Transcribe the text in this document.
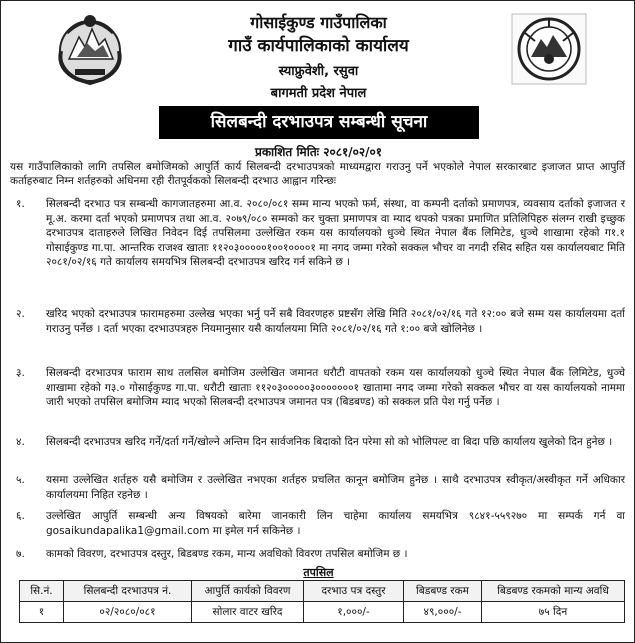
गोसाईकुण्ड गाउँपालिका
गाउँ कार्यपालिकाको कार्यालय
स्याफ्रुवेशी, रसुवा
बागमती प्रदेश नेपाल
सिलबन्दी दरभाउपत्र सम्बन्धी सूचना
प्रकाशित मितिः २०८१/०२/०१
यस गाउँपालिकाको लागि तपसिल बमोजिमको आपुर्ति कार्य सिलबन्दी दरभाउपत्रको माध्यमद्वारा गराउनु पर्ने भएकोले नेपाल सरकारबाट इजाजत प्राप्त आपुर्ति कर्ताहरुबाट निम्न शर्तहरुको अधिनमा रही रीतपूर्वकको सिलबन्दी दरभाउ आह्वान गरिन्छः
१.	सिलबन्दी दरभाउ पत्र सम्बन्धी कागजातहरुमा आ.व. २०८०/०८१ सम्म मान्य भएको फर्म, संस्था, वा कम्पनी दर्ताको प्रमाणपत्र, व्यवसाय दर्ताको इजाजत र मू.अ. करमा दर्ता भएको प्रमाणपत्र तथा आ.व. २०७९/०८० सम्मको कर चुक्ता प्रमाणपत्र वा म्याद थपको पत्रका प्रमाणित प्रतिलिपिहरु संलग्न राखी इच्छुक दरभाउपत्र दाताहरुले लिखित निवेदन दिई तपसिलमा उल्लेखित रकम यस कार्यालयको धुञ्चे स्थित नेपाल बैंक लिमिटेड, धुञ्चे शाखामा रहेको ग१.१ गोसाईकुण्ड गा.पा. आन्तरिक राजश्व खाताः ११२०३०००००१००१००००१ मा नगद जम्मा गरेको सक्कल भौचर वा नगदी रसिद सहित यस कार्यालयबाट मिति २०८१/०२/१६ गते कार्यालय समयभित्र सिलबन्दी दरभाउपत्र खरिद गर्न सकिने छ ।
२.	खरिद भएको दरभाउपत्र फारामहरुमा उल्लेख भएका भर्नु पर्ने सबै विवरणहरु प्रष्टसँग लेखि मिति २०८१/०२/१६ गते १२:०० बजे सम्म यस कार्यालयमा दर्ता गराउनु पर्नेछ । दर्ता भएका दरभाउपत्रहरु नियमानुसार यसै कार्यालयमा मिति २०८१/०२/१६ गते १:०० बजे खोलिनेछ ।
३.	सिलबन्दी दरभाउपत्र फाराम साथ तलसिल बमोजिम उल्लेखित जमानत धरौटी वापतको रकम यस कार्यालयको धुञ्चे स्थित नेपाल बैंक लिमिटेड, धुञ्चे शाखामा रहेको ग३.० गोसाईकुण्ड गा.पा. धरौटी खाताः ११२०३०००००३०००००००१ खातामा नगद जम्मा गरेको सक्कल भौचर वा यस कार्यालयको नाममा जारी भएको तपसिल बमोजिम म्याद भएको सिलबन्दी दरभाउपत्र जमानत पत्र (बिडबण्ड) को सक्कल प्रति पेश गर्नु पर्नेछ ।
४.	सिलबन्दी दरभाउपत्र खरिद गर्ने/दर्ता गर्ने/खोल्ने अन्तिम दिन सार्वजनिक बिदाको दिन परेमा सो को भोलिपल्ट वा बिदा पछि कार्यालय खुलेको दिन हुनेछ ।
५.	यसमा उल्लेखित शर्तहरु यसै बमोजिम र उल्लेखित नभएका शर्तहरु प्रचलित कानून बमोजिम हुनेछ । साथै दरभाउपत्र स्वीकृत/अस्वीकृत गर्ने अधिकार कार्यालयमा निहित रहनेछ ।
६.	उल्लेखित आपुर्ति सम्बन्धी अन्य विषयको बारेमा जानकारी लिन चाहेमा कार्यालय समयभित्र ९८४१-५५९२७० मा सम्पर्क गर्न वा gosaikundapalika1@gmail.com मा इमेल गर्न सकिनेछ ।
७.	कामको विवरण, दरभाउपत्र दस्तुर, बिडबण्ड रकम, मान्य अवधिको विवरण तपसिल बमोजिम छ ।
तपसिल
सि.नं.	सिलबन्दी दरभाउपत्र नं.	आपुर्ति कार्यको विवरण	दरभाउ पत्र दस्तुर	बिडबण्ड रकम	बिडबण्ड रकमको मान्य अवधि
१	०२/२०८०/०८१	सोलार वाटर खरिद	१,०००/-	४९,०००/-	७५ दिन
